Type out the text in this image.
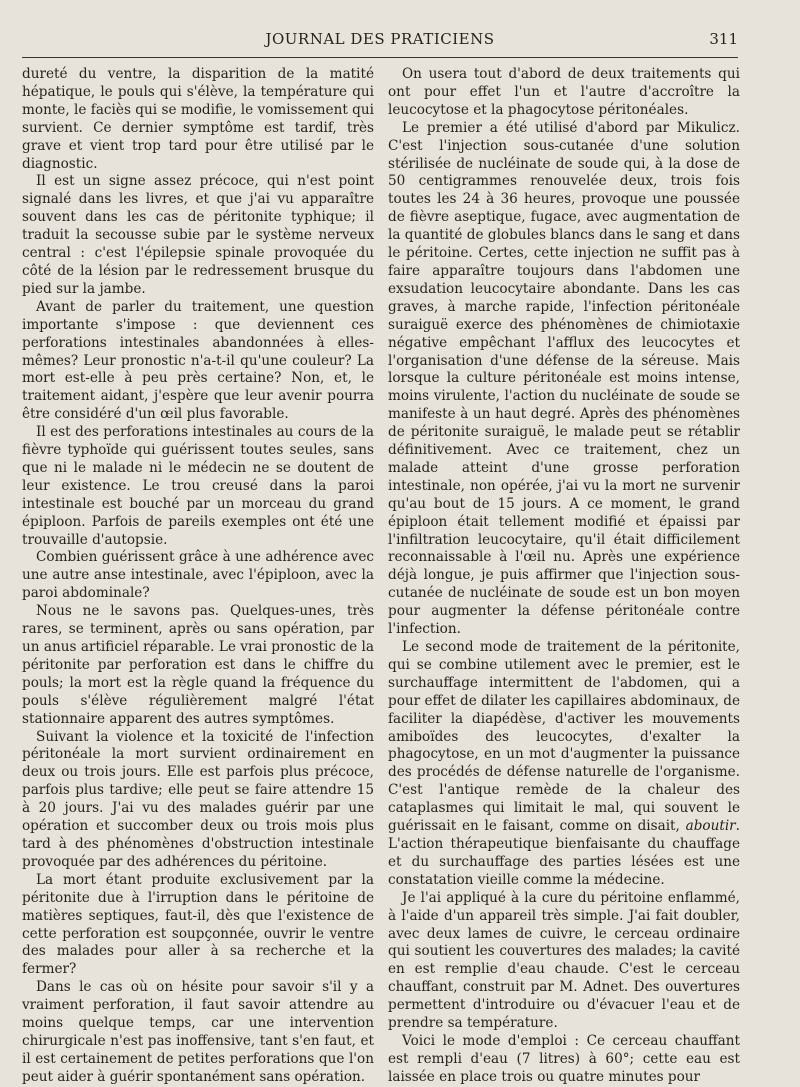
JOURNAL DES PRATICIENS	311

dureté du ventre, la disparition de la matité hépatique, le pouls qui s'élève, la température qui monte, le faciès qui se modifie, le vomissement qui survient. Ce dernier symptôme est tardif, très grave et vient trop tard pour être utilisé par le diagnostic.

Il est un signe assez précoce, qui n'est point signalé dans les livres, et que j'ai vu apparaître souvent dans les cas de péritonite typhique; il traduit la secousse subie par le système nerveux central : c'est l'épilepsie spinale provoquée du côté de la lésion par le redressement brusque du pied sur la jambe.

Avant de parler du traitement, une question importante s'impose : que deviennent ces perforations intestinales abandonnées à elles-mêmes? Leur pronostic n'a-t-il qu'une couleur? La mort est-elle à peu près certaine? Non, et, le traitement aidant, j'espère que leur avenir pourra être considéré d'un œil plus favorable.

Il est des perforations intestinales au cours de la fièvre typhoïde qui guérissent toutes seules, sans que ni le malade ni le médecin ne se doutent de leur existence. Le trou creusé dans la paroi intestinale est bouché par un morceau du grand épiploon. Parfois de pareils exemples ont été une trouvaille d'autopsie.

Combien guérissent grâce à une adhérence avec une autre anse intestinale, avec l'épiploon, avec la paroi abdominale?

Nous ne le savons pas. Quelques-unes, très rares, se terminent, après ou sans opération, par un anus artificiel réparable. Le vrai pronostic de la péritonite par perforation est dans le chiffre du pouls; la mort est la règle quand la fréquence du pouls s'élève régulièrement malgré l'état stationnaire apparent des autres symptômes.

Suivant la violence et la toxicité de l'infection péritonéale la mort survient ordinairement en deux ou trois jours. Elle est parfois plus précoce, parfois plus tardive; elle peut se faire attendre 15 à 20 jours. J'ai vu des malades guérir par une opération et succomber deux ou trois mois plus tard à des phénomènes d'obstruction intestinale provoquée par des adhérences du péritoine.

La mort étant produite exclusivement par la péritonite due à l'irruption dans le péritoine de matières septiques, faut-il, dès que l'existence de cette perforation est soupçonnée, ouvrir le ventre des malades pour aller à sa recherche et la fermer?

Dans le cas où on hésite pour savoir s'il y a vraiment perforation, il faut savoir attendre au moins quelque temps, car une intervention chirurgicale n'est pas inoffensive, tant s'en faut, et il est certainement de petites perforations que l'on peut aider à guérir spontanément sans opération.

On usera tout d'abord de deux traitements qui ont pour effet l'un et l'autre d'accroître la leucocytose et la phagocytose péritonéales.

Le premier a été utilisé d'abord par Mikulicz. C'est l'injection sous-cutanée d'une solution stérilisée de nucléinate de soude qui, à la dose de 50 centigrammes renouvelée deux, trois fois toutes les 24 à 36 heures, provoque une poussée de fièvre aseptique, fugace, avec augmentation de la quantité de globules blancs dans le sang et dans le péritoine. Certes, cette injection ne suffit pas à faire apparaître toujours dans l'abdomen une exsudation leucocytaire abondante. Dans les cas graves, à marche rapide, l'infection péritonéale suraiguë exerce des phénomènes de chimiotaxie négative empêchant l'afflux des leucocytes et l'organisation d'une défense de la séreuse. Mais lorsque la culture péritonéale est moins intense, moins virulente, l'action du nucléinate de soude se manifeste à un haut degré. Après des phénomènes de péritonite suraiguë, le malade peut se rétablir définitivement. Avec ce traitement, chez un malade atteint d'une grosse perforation intestinale, non opérée, j'ai vu la mort ne survenir qu'au bout de 15 jours. A ce moment, le grand épiploon était tellement modifié et épaissi par l'infiltration leucocytaire, qu'il était difficilement reconnaissable à l'œil nu. Après une expérience déjà longue, je puis affirmer que l'injection sous-cutanée de nucléinate de soude est un bon moyen pour augmenter la défense péritonéale contre l'infection.

Le second mode de traitement de la péritonite, qui se combine utilement avec le premier, est le surchauffage intermittent de l'abdomen, qui a pour effet de dilater les capillaires abdominaux, de faciliter la diapédèse, d'activer les mouvements amiboïdes des leucocytes, d'exalter la phagocytose, en un mot d'augmenter la puissance des procédés de défense naturelle de l'organisme. C'est l'antique remède de la chaleur des cataplasmes qui limitait le mal, qui souvent le guérissait en le faisant, comme on disait, aboutir. L'action thérapeutique bienfaisante du chauffage et du surchauffage des parties lésées est une constatation vieille comme la médecine.

Je l'ai appliqué à la cure du péritoine enflammé, à l'aide d'un appareil très simple. J'ai fait doubler, avec deux lames de cuivre, le cerceau ordinaire qui soutient les couvertures des malades; la cavité en est remplie d'eau chaude. C'est le cerceau chauffant, construit par M. Adnet. Des ouvertures permettent d'introduire ou d'évacuer l'eau et de prendre sa température.

Voici le mode d'emploi : Ce cerceau chauffant est rempli d'eau (7 litres) à 60°; cette eau est laissée en place trois ou quatre minutes pour
